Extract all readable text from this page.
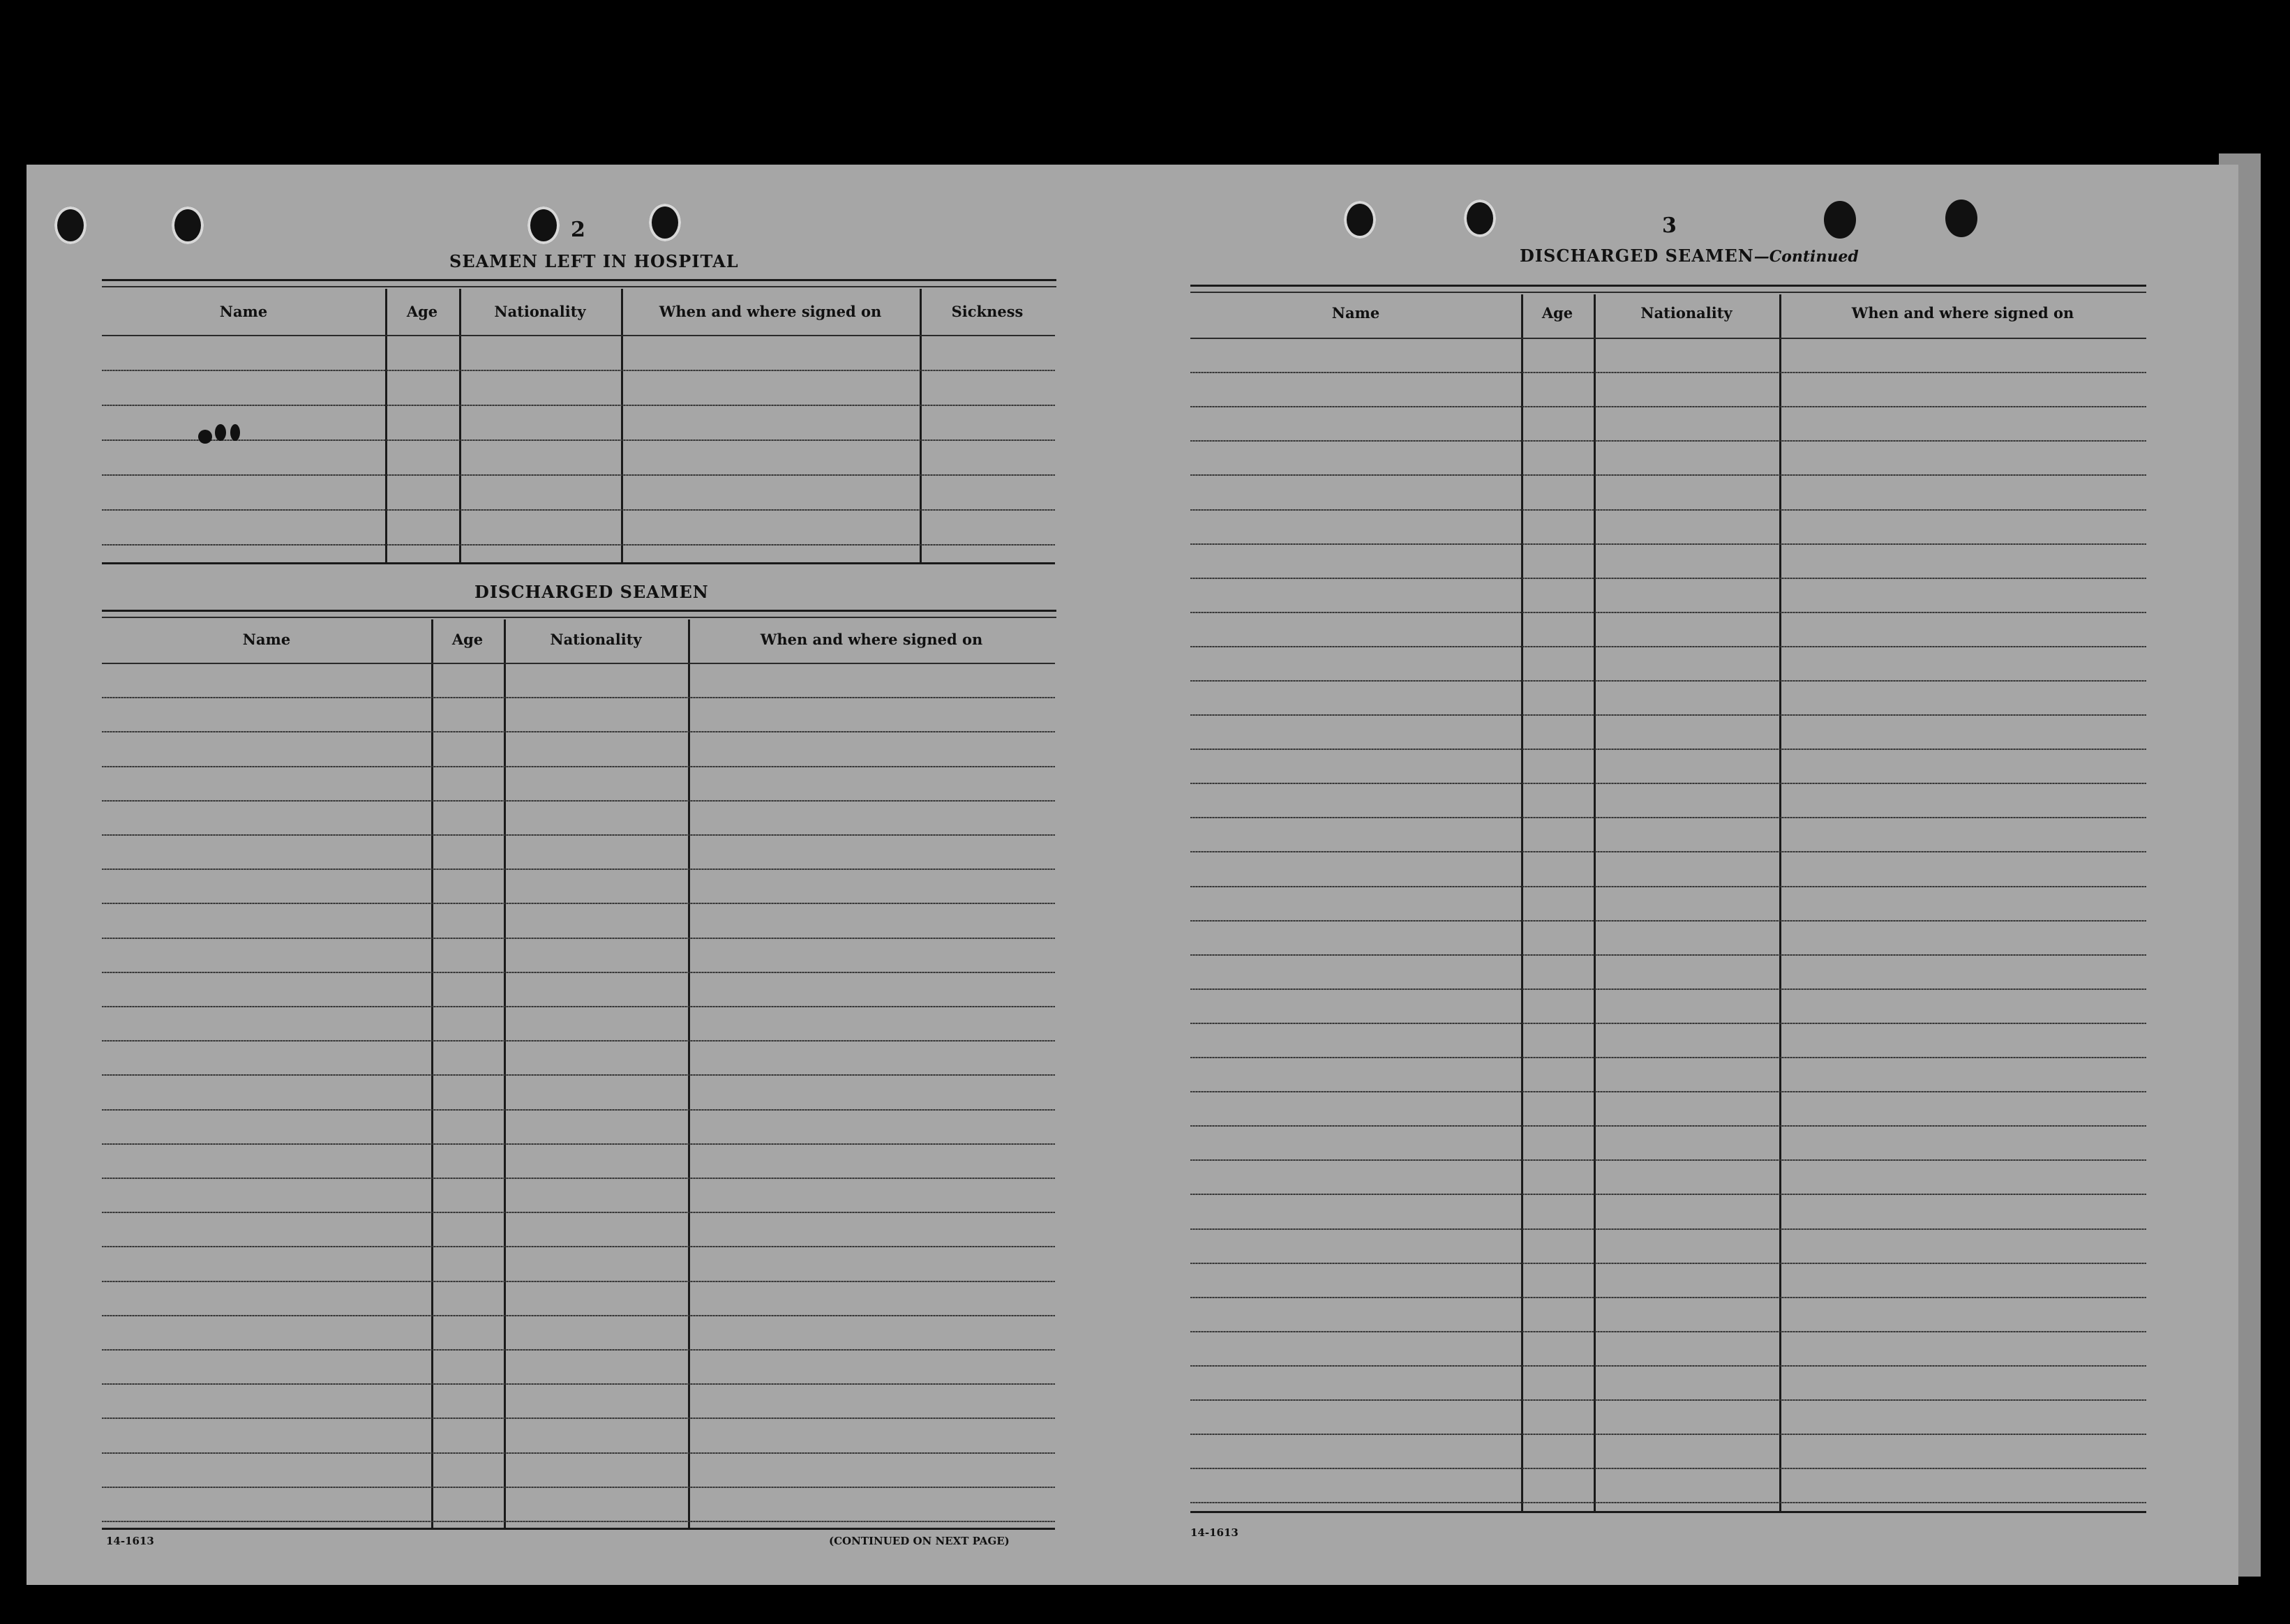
2
SEAMEN LEFT IN HOSPITAL
Name	Age	Nationality	When and where signed on	Sickness
DISCHARGED SEAMEN
Name	Age	Nationality	When and where signed on
14-1613	(CONTINUED ON NEXT PAGE)
3
DISCHARGED SEAMEN—Continued
Name	Age	Nationality	When and where signed on
14-1613
